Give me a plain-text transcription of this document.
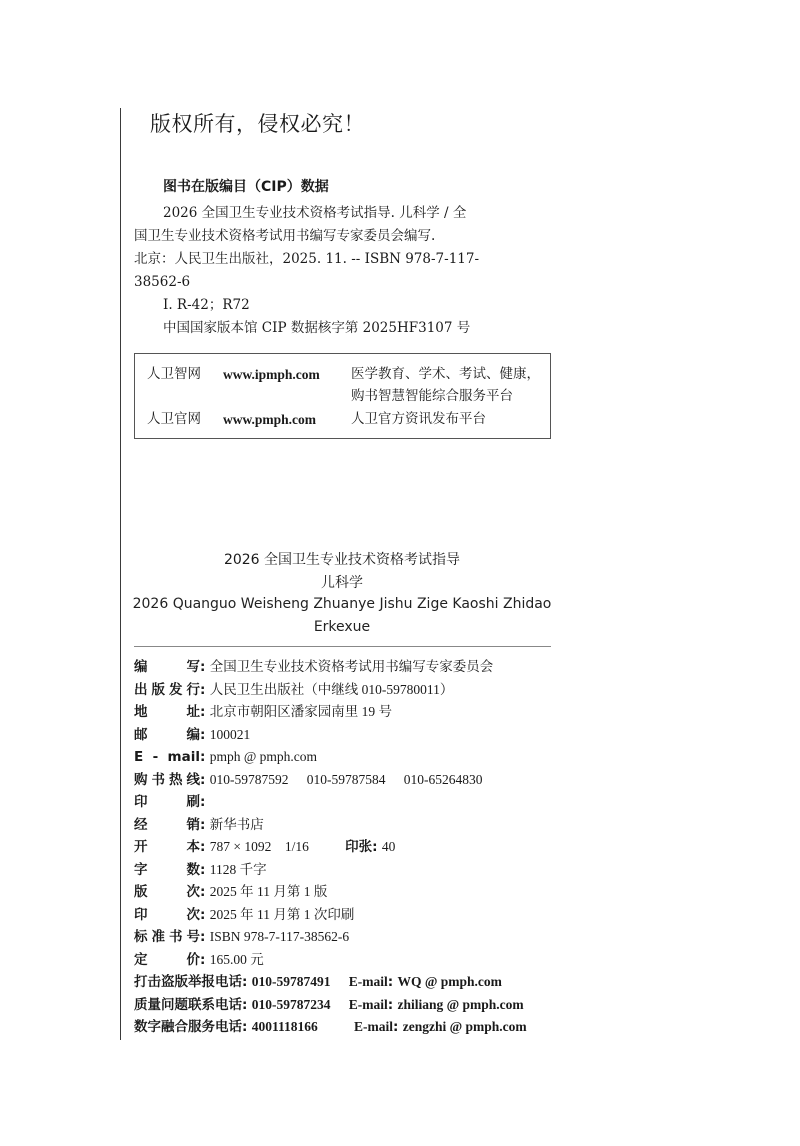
版权所有，侵权必究！
图书在版编目（CIP）数据
2026 全国卫生专业技术资格考试指导. 儿科学 / 全
国卫生专业技术资格考试用书编写专家委员会编写.
北京：人民卫生出版社，2025. 11. -- ISBN 978-7-117-
38562-6
Ⅰ. R-42；R72
中国国家版本馆 CIP 数据核字第 2025HF3107 号
人卫智网 www.ipmph.com 医学教育、学术、考试、健康，
购书智慧智能综合服务平台
人卫官网 www.pmph.com	人卫官方资讯发布平台
2026 全国卫生专业技术资格考试指导
儿科学
2026 Quanguo Weisheng Zhuanye Jishu Zige Kaoshi Zhidao
Erkexue
编写: 全国卫生专业技术资格考试用书编写专家委员会
出版发行: 人民卫生出版社（中继线 010-59780011）
地址: 北京市朝阳区潘家园南里 19 号
邮编: 100021
E - mail: pmph @ pmph.com
购书热线: 010-59787592 010-59787584 010-65264830
印刷:
经销: 新华书店
开本: 787 × 1092　1/16	印张: 40
字数: 1128 千字
版次: 2025 年 11 月第 1 版
印次: 2025 年 11 月第 1 次印刷
标准书号: ISBN 978-7-117-38562-6
定价: 165.00 元
打击盗版举报电话: 010-59787491 E-mail: WQ @ pmph.com
质量问题联系电话: 010-59787234 E-mail: zhiliang @ pmph.com
数字融合服务电话: 4001118166	E-mail: zengzhi @ pmph.com
